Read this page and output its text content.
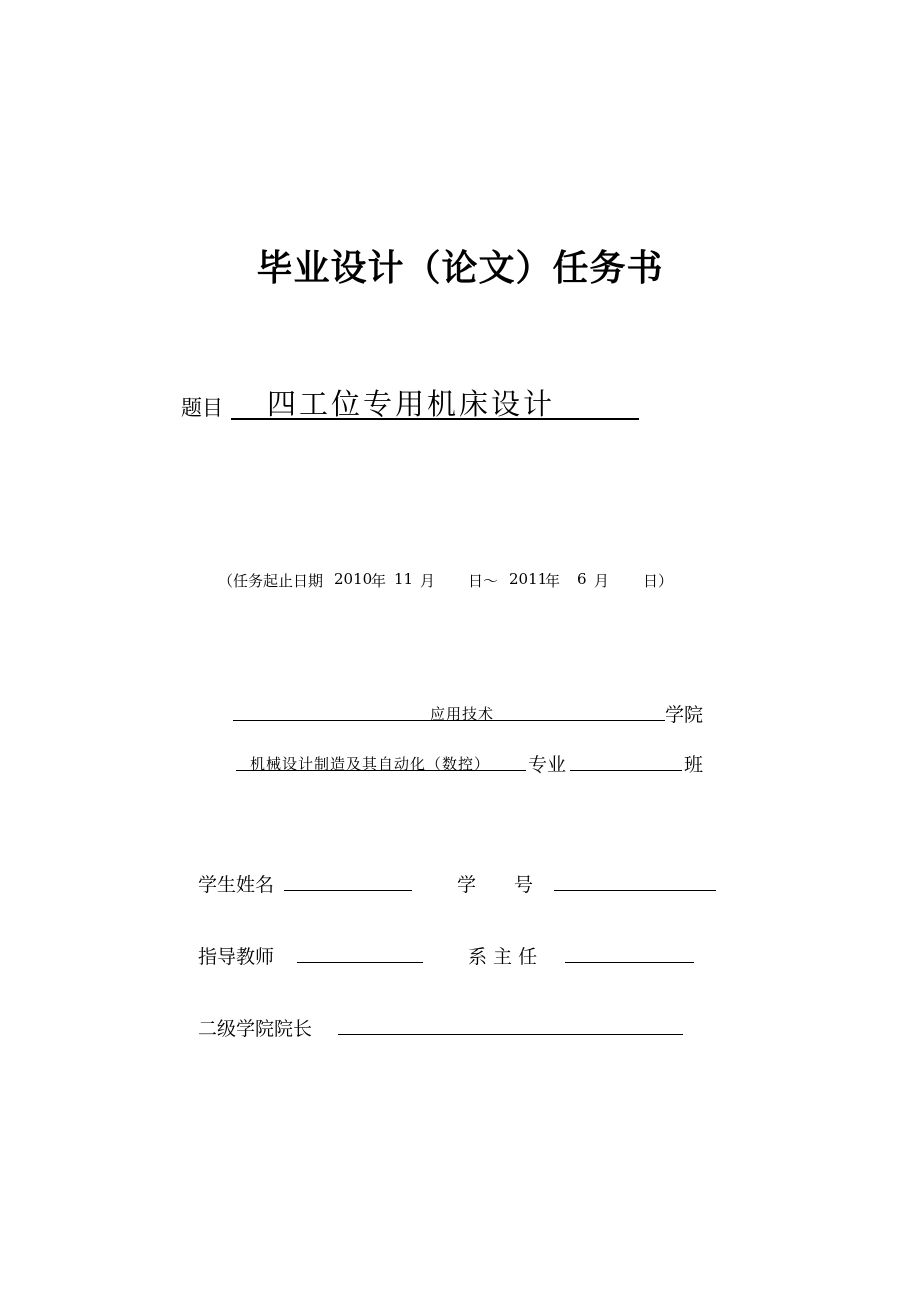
毕业设计（论文）任务书
题目 四工位专用机床设计
（任务起止日期 2010
年 11 月 日～ 2011
年 6 月 日）
应用技术	学院
机械设计制造及其自动化（数控） 专业	班
学生姓名	学　　号
指导教师	系 主 任
二级学院院长
